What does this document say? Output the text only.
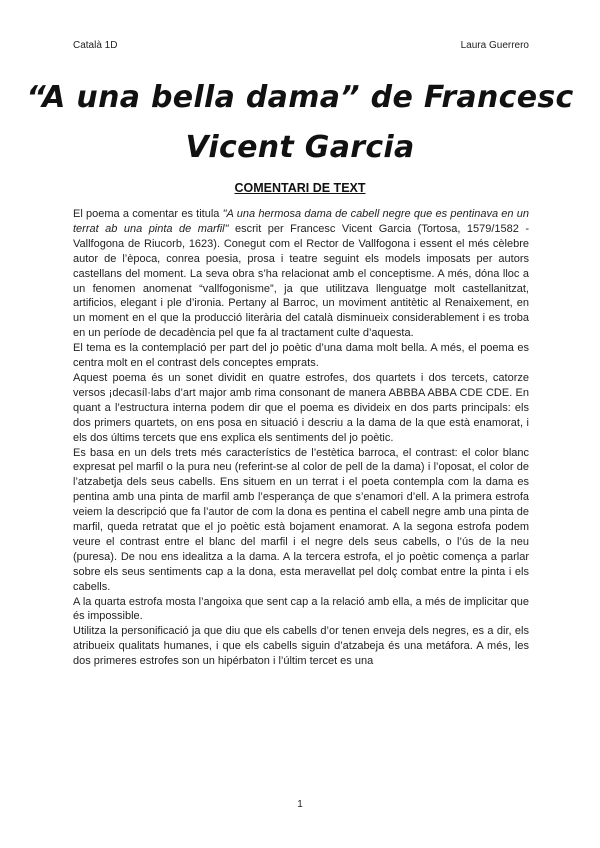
Català 1D	Laura Guerrero
“A una bella dama” de Francesc
Vicent Garcia
COMENTARI DE TEXT

El poema a comentar es titula "A una hermosa dama de cabell negre que es pentinava en un terrat ab una pinta de marfil" escrit per Francesc Vicent Garcia (Tortosa, 1579/1582 - Vallfogona de Riucorb, 1623). Conegut com el Rector de Vallfogona i essent el més cèlebre autor de l’època, conrea poesia, prosa i teatre seguint els models imposats per autors castellans del moment. La seva obra s’ha relacionat amb el conceptisme. A més, dóna lloc a un fenomen anomenat “vallfogonisme”, ja que utilitzava llenguatge molt castellanitzat, artificios, elegant i ple d’ironia. Pertany al Barroc, un moviment antitètic al Renaixement, en un moment en el que la producció literària del català disminueix considerablement i es troba en un període de decadència pel que fa al tractament culte d’aquesta.

El tema es la contemplació per part del jo poètic d’una dama molt bella. A més, el poema es centra molt en el contrast dels conceptes emprats.

Aquest poema és un sonet dividit en quatre estrofes, dos quartets i dos tercets, catorze versos ¡decasíl·labs d’art major amb rima consonant de manera ABBBA ABBA CDE CDE. En quant a l’estructura interna podem dir que el poema es divideix en dos parts principals: els dos primers quartets, on ens posa en situació i descriu a la dama de la que està enamorat, i els dos últims tercets que ens explica els sentiments del jo poètic.

Es basa en un dels trets més característics de l’estètica barroca, el contrast: el color blanc expresat pel marfil o la pura neu (referint-se al color de pell de la dama) i l’oposat, el color de l’atzabetja dels seus cabells. Ens situem en un terrat i el poeta contempla com la dama es pentina amb una pinta de marfil amb l’esperança de que s’enamori d’ell. A la primera estrofa veiem la descripció que fa l’autor de com la dona es pentina el cabell negre amb una pinta de marfil, queda retratat que el jo poètic està bojament enamorat. A la segona estrofa podem veure el contrast entre el blanc del marfil i el negre dels seus cabells, o l’ús de la neu (puresa). De nou ens idealitza a la dama. A la tercera estrofa, el jo poètic comença a parlar sobre els seus sentiments cap a la dona, esta meravellat pel dolç combat entre la pinta i els cabells.

A la quarta estrofa mosta l’angoixa que sent cap a la relació amb ella, a més de implicitar que és impossible.

Utilitza la personificació ja que diu que els cabells d’or tenen enveja dels negres, es a dir, els atribueix qualitats humanes, i que els cabells siguin d’atzabeja és una metáfora. A més, les dos primeres estrofes son un hipérbaton i l’últim tercet es una

1
